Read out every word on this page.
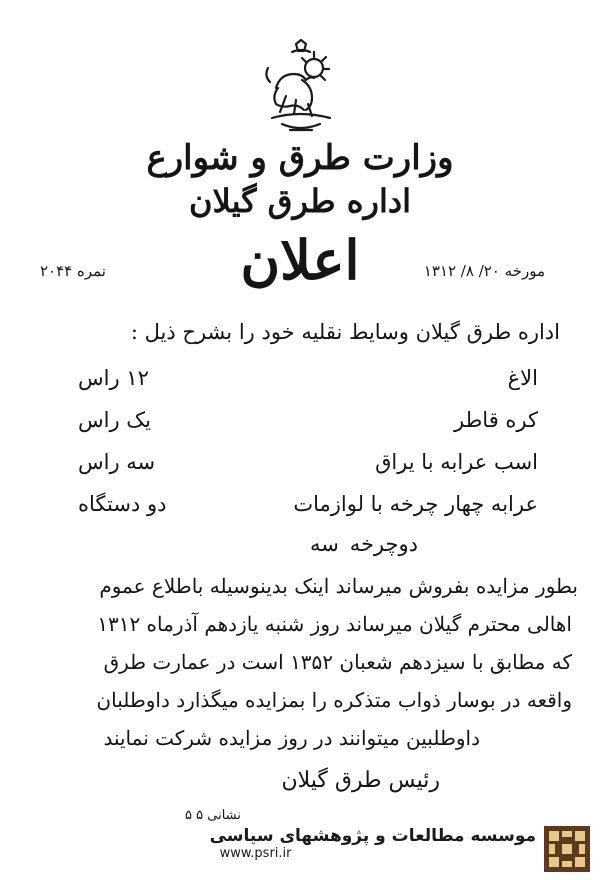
وزارت طرق و شوارع
اداره طرق گیلان
اعلان	مورخه ۲۰/ ۸/ ۱۳۱۲
نمره ۲۰۴۴
اداره طرق گیلان وسایط نقلیه خود را بشرح ذیل :
الاغ
۱۲ راس
کره قاطر
یک راس
اسب عرابه با یراق
سه راس
عرابه چهار چرخه با لوازمات
دو دستگاه
دوچرخه
سه
بطور مزایده بفروش میرساند اینک بدینوسیله باطلاع عموم
اهالی محترم گیلان میرساند روز شنبه یازدهم آذرماه ۱۳۱۲
که مطابق با سیزدهم شعبان ۱۳۵۲ است در عمارت طرق
واقعه در بوسار ذواب متذکره را بمزایده میگذارد داوطلبان
داوطلبین میتوانند در روز مزایده شرکت نمایند
رئیس طرق گیلان
نشانی ۵ ۵
موسسه مطالعات و پژوهشهای سیاسی
www.psri.ir
